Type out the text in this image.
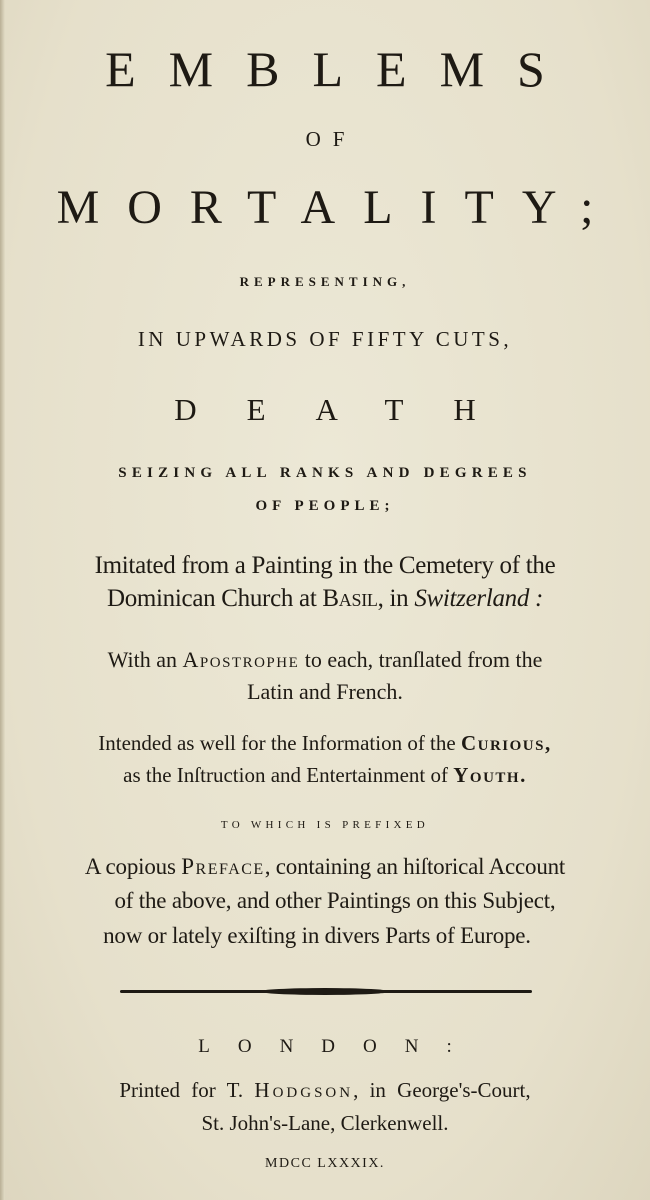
EMBLEMS
OF
MORTALITY;
REPRESENTING,
IN UPWARDS OF FIFTY CUTS,
DEATH
SEIZING ALL RANKS AND DEGREES
OF PEOPLE;
Imitated from a Painting in the Cemetery of the
Dominican Church at Basil, in Switzerland :
With an Apostrophe to each, tranſlated from the
Latin and French.
Intended as well for the Information of the Curious,
as the Inſtruction and Entertainment of Youth.
TO WHICH IS PREFIXED
A copious Preface, containing an hiſtorical Account
of the above, and other Paintings on this Subject,
now or lately exiſting in divers Parts of Europe.
LONDON:
Printed for T. Hodgson, in George's-Court,
St. John's-Lane, Clerkenwell.
MDCC LXXXIX.
